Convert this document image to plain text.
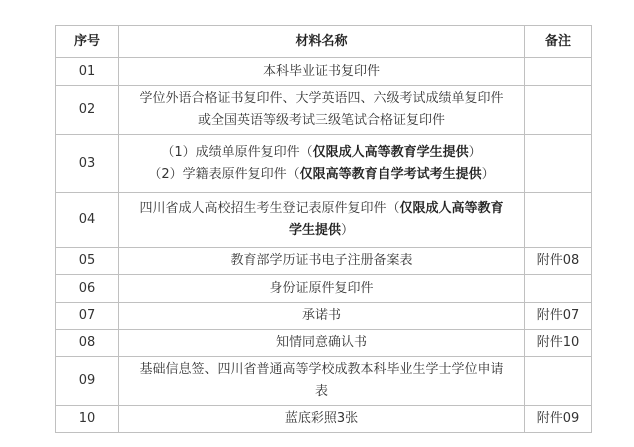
序号	材料名称	备注
01	本科毕业证书复印件	
02	学位外语合格证书复印件、大学英语四、六级考试成绩单复印件
或全国英语等级考试三级笔试合格证复印件	

03	（1）成绩单原件复印件（仅限成人高等教育学生提供）
（2）学籍表原件复印件（仅限高等教育自学考试考生提供）	

04	四川省成人高校招生考生登记表原件复印件（仅限成人高等教育
学生提供）	

05	教育部学历证书电子注册备案表	附件08
06	身份证原件复印件	
07	承诺书	附件07
08	知情同意确认书	附件10
09	基础信息签、四川省普通高等学校成教本科毕业生学士学位申请
表	

10	蓝底彩照3张	附件09
